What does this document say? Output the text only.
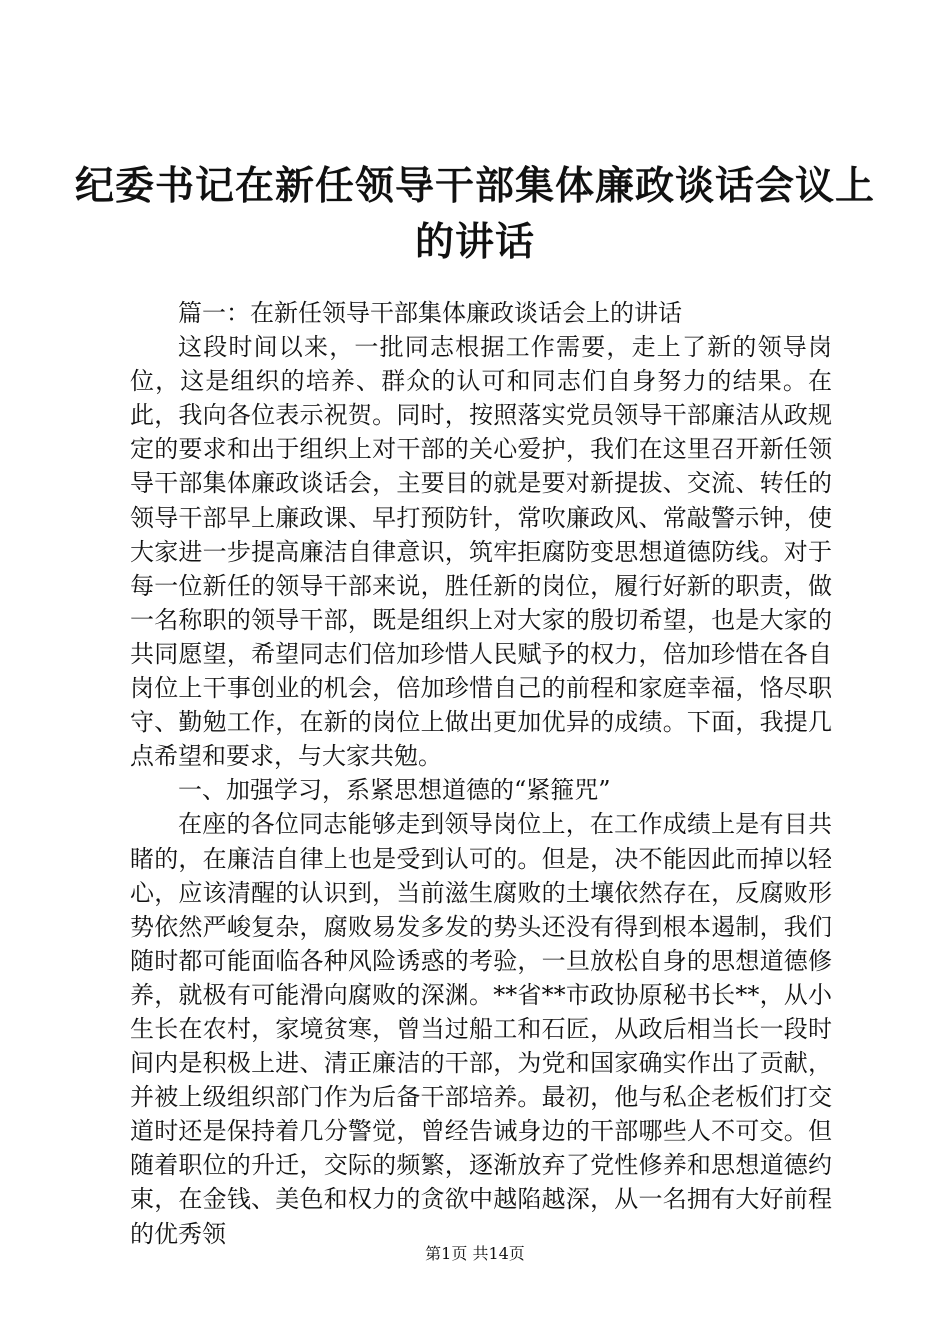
纪委书记在新任领导干部集体廉政谈话会议上
的讲话

篇一：在新任领导干部集体廉政谈话会上的讲话

这段时间以来，一批同志根据工作需要，走上了新的领导岗位，这是组织的培养、群众的认可和同志们自身努力的结果。在此，我向各位表示祝贺。同时，按照落实党员领导干部廉洁从政规定的要求和出于组织上对干部的关心爱护，我们在这里召开新任领导干部集体廉政谈话会，主要目的就是要对新提拔、交流、转任的领导干部早上廉政课、早打预防针，常吹廉政风、常敲警示钟，使大家进一步提高廉洁自律意识，筑牢拒腐防变思想道德防线。对于每一位新任的领导干部来说，胜任新的岗位，履行好新的职责，做一名称职的领导干部，既是组织上对大家的殷切希望，也是大家的共同愿望，希望同志们倍加珍惜人民赋予的权力，倍加珍惜在各自岗位上干事创业的机会，倍加珍惜自己的前程和家庭幸福，恪尽职守、勤勉工作，在新的岗位上做出更加优异的成绩。下面，我提几点希望和要求，与大家共勉。

一、加强学习，系紧思想道德的“紧箍咒”

在座的各位同志能够走到领导岗位上，在工作成绩上是有目共睹的，在廉洁自律上也是受到认可的。但是，决不能因此而掉以轻心，应该清醒的认识到，当前滋生腐败的土壤依然存在，反腐败形势依然严峻复杂，腐败易发多发的势头还没有得到根本遏制，我们随时都可能面临各种风险诱惑的考验，一旦放松自身的思想道德修养，就极有可能滑向腐败的深渊。**省**市政协原秘书长**，从小生长在农村，家境贫寒，曾当过船工和石匠，从政后相当长一段时间内是积极上进、清正廉洁的干部，为党和国家确实作出了贡献，并被上级组织部门作为后备干部培养。最初，他与私企老板们打交道时还是保持着几分警觉，曾经告诫身边的干部哪些人不可交。但随着职位的升迁，交际的频繁，逐渐放弃了党性修养和思想道德约束，在金钱、美色和权力的贪欲中越陷越深，从一名拥有大好前程的优秀领

第1页 共14页
